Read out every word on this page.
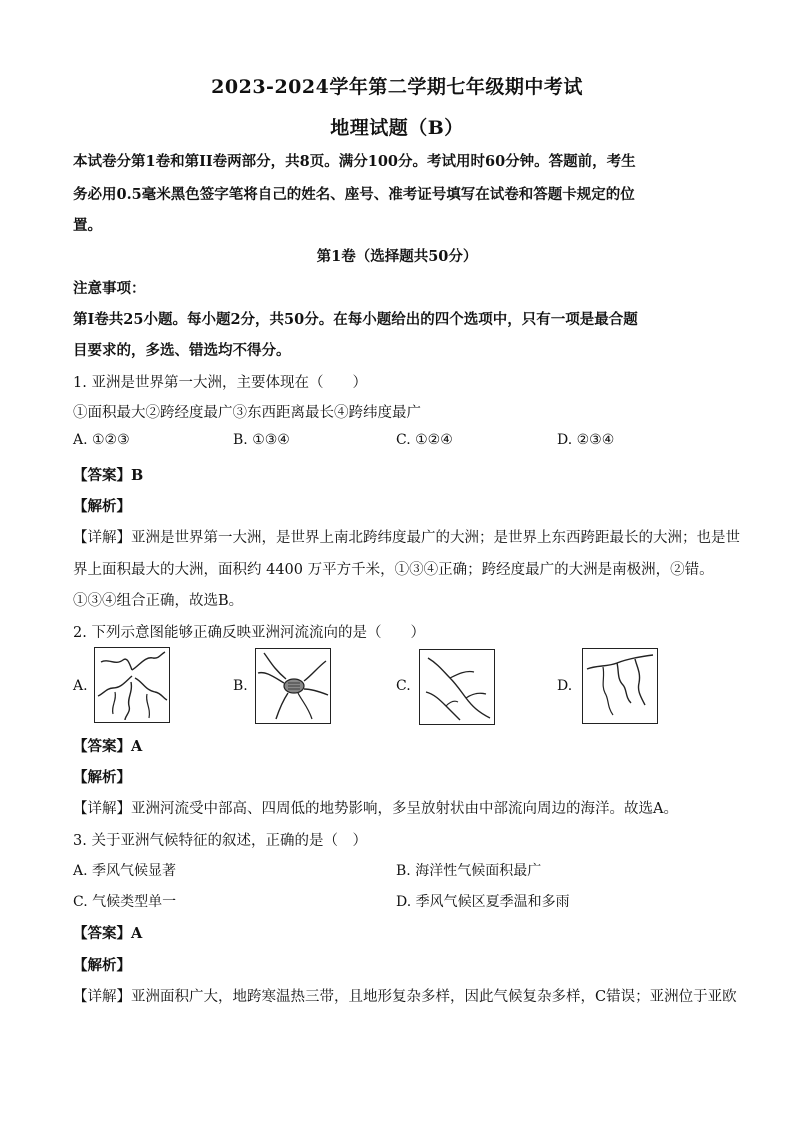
2023-2024学年第二学期七年级期中考试
地理试题（B）
本试卷分第1卷和第II卷两部分，共8页。满分100分。考试用时60分钟。答题前，考生
务必用0.5毫米黑色签字笔将自己的姓名、座号、准考证号填写在试卷和答题卡规定的位
置。
第1卷（选择题共50分）
注意事项：
第Ⅰ卷共25小题。每小题2分，共50分。在每小题给出的四个选项中，只有一项是最合题
目要求的，多选、错选均不得分。
1. 亚洲是世界第一大洲，主要体现在（　　）
①面积最大②跨经度最广③东西距离最长④跨纬度最广
A. ①②③	B. ①③④	C. ①②④	D. ②③④
【答案】B
【解析】
【详解】亚洲是世界第一大洲，是世界上南北跨纬度最广的大洲；是世界上东西跨距最长的大洲；也是世
界上面积最大的大洲，面积约 4400 万平方千米，①③④正确；跨经度最广的大洲是南极洲，②错。
①③④组合正确，故选B。
2. 下列示意图能够正确反映亚洲河流流向的是（　　）
A.	B.	C.	D.
【答案】A
【解析】
【详解】亚洲河流受中部高、四周低的地势影响，多呈放射状由中部流向周边的海洋。故选A。
3. 关于亚洲气候特征的叙述，正确的是（　）
A. 季风气候显著	B. 海洋性气候面积最广
C. 气候类型单一	D. 季风气候区夏季温和多雨
【答案】A
【解析】
【详解】亚洲面积广大，地跨寒温热三带，且地形复杂多样，因此气候复杂多样，C错误；亚洲位于亚欧
